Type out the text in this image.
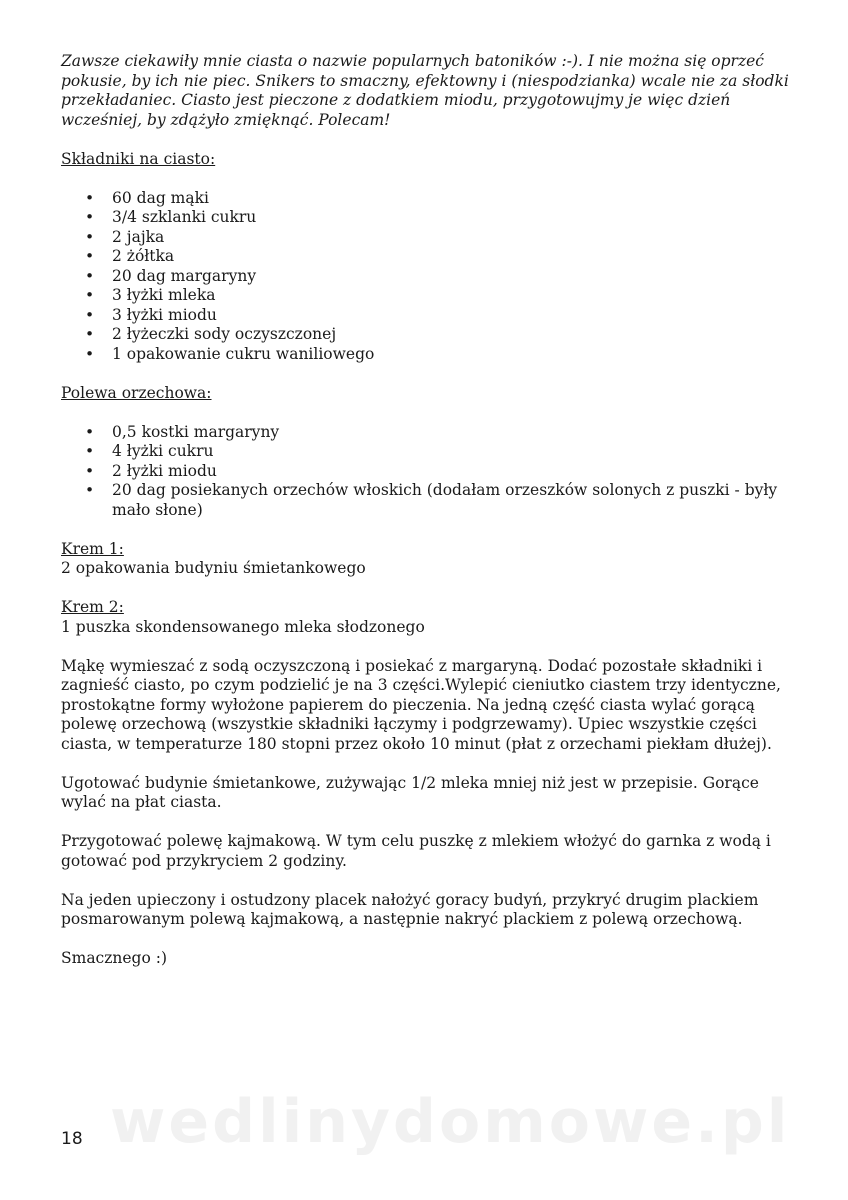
Zawsze ciekawiły mnie ciasta o nazwie popularnych batoników :-). I nie można się oprzeć pokusie, by ich nie piec. Snikers to smaczny, efektowny i (niespodzianka) wcale nie za słodki przekładaniec. Ciasto jest pieczone z dodatkiem miodu, przygotowujmy je więc dzień wcześniej, by zdążyło zmięknąć. Polecam!

Składniki na ciasto:

• 60 dag mąki
• 3/4 szklanki cukru
• 2 jajka
• 2 żółtka
• 20 dag margaryny
• 3 łyżki mleka
• 3 łyżki miodu
• 2 łyżeczki sody oczyszczonej
• 1 opakowanie cukru waniliowego

Polewa orzechowa:

• 0,5 kostki margaryny
• 4 łyżki cukru
• 2 łyżki miodu
• 20 dag posiekanych orzechów włoskich (dodałam orzeszków solonych z puszki - były mało słone)

Krem 1:

2 opakowania budyniu śmietankowego

Krem 2:

1 puszka skondensowanego mleka słodzonego

Mąkę wymieszać z sodą oczyszczoną i posiekać z margaryną. Dodać pozostałe składniki i zagnieść ciasto, po czym podzielić je na 3 części.Wylepić cieniutko ciastem trzy identyczne, prostokątne formy wyłożone papierem do pieczenia. Na jedną część ciasta wylać gorącą polewę orzechową (wszystkie składniki łączymy i podgrzewamy). Upiec wszystkie części ciasta, w temperaturze 180 stopni przez około 10 minut (płat z orzechami piekłam dłużej).

Ugotować budynie śmietankowe, zużywając 1/2 mleka mniej niż jest w przepisie. Gorące wylać na płat ciasta.

Przygotować polewę kajmakową. W tym celu puszkę z mlekiem włożyć do garnka z wodą i gotować pod przykryciem 2 godziny.

Na jeden upieczony i ostudzony placek nałożyć goracy budyń, przykryć drugim plackiem posmarowanym polewą kajmakową, a następnie nakryć plackiem z polewą orzechową.

Smacznego :)

wedlinydomowe.pl
18
